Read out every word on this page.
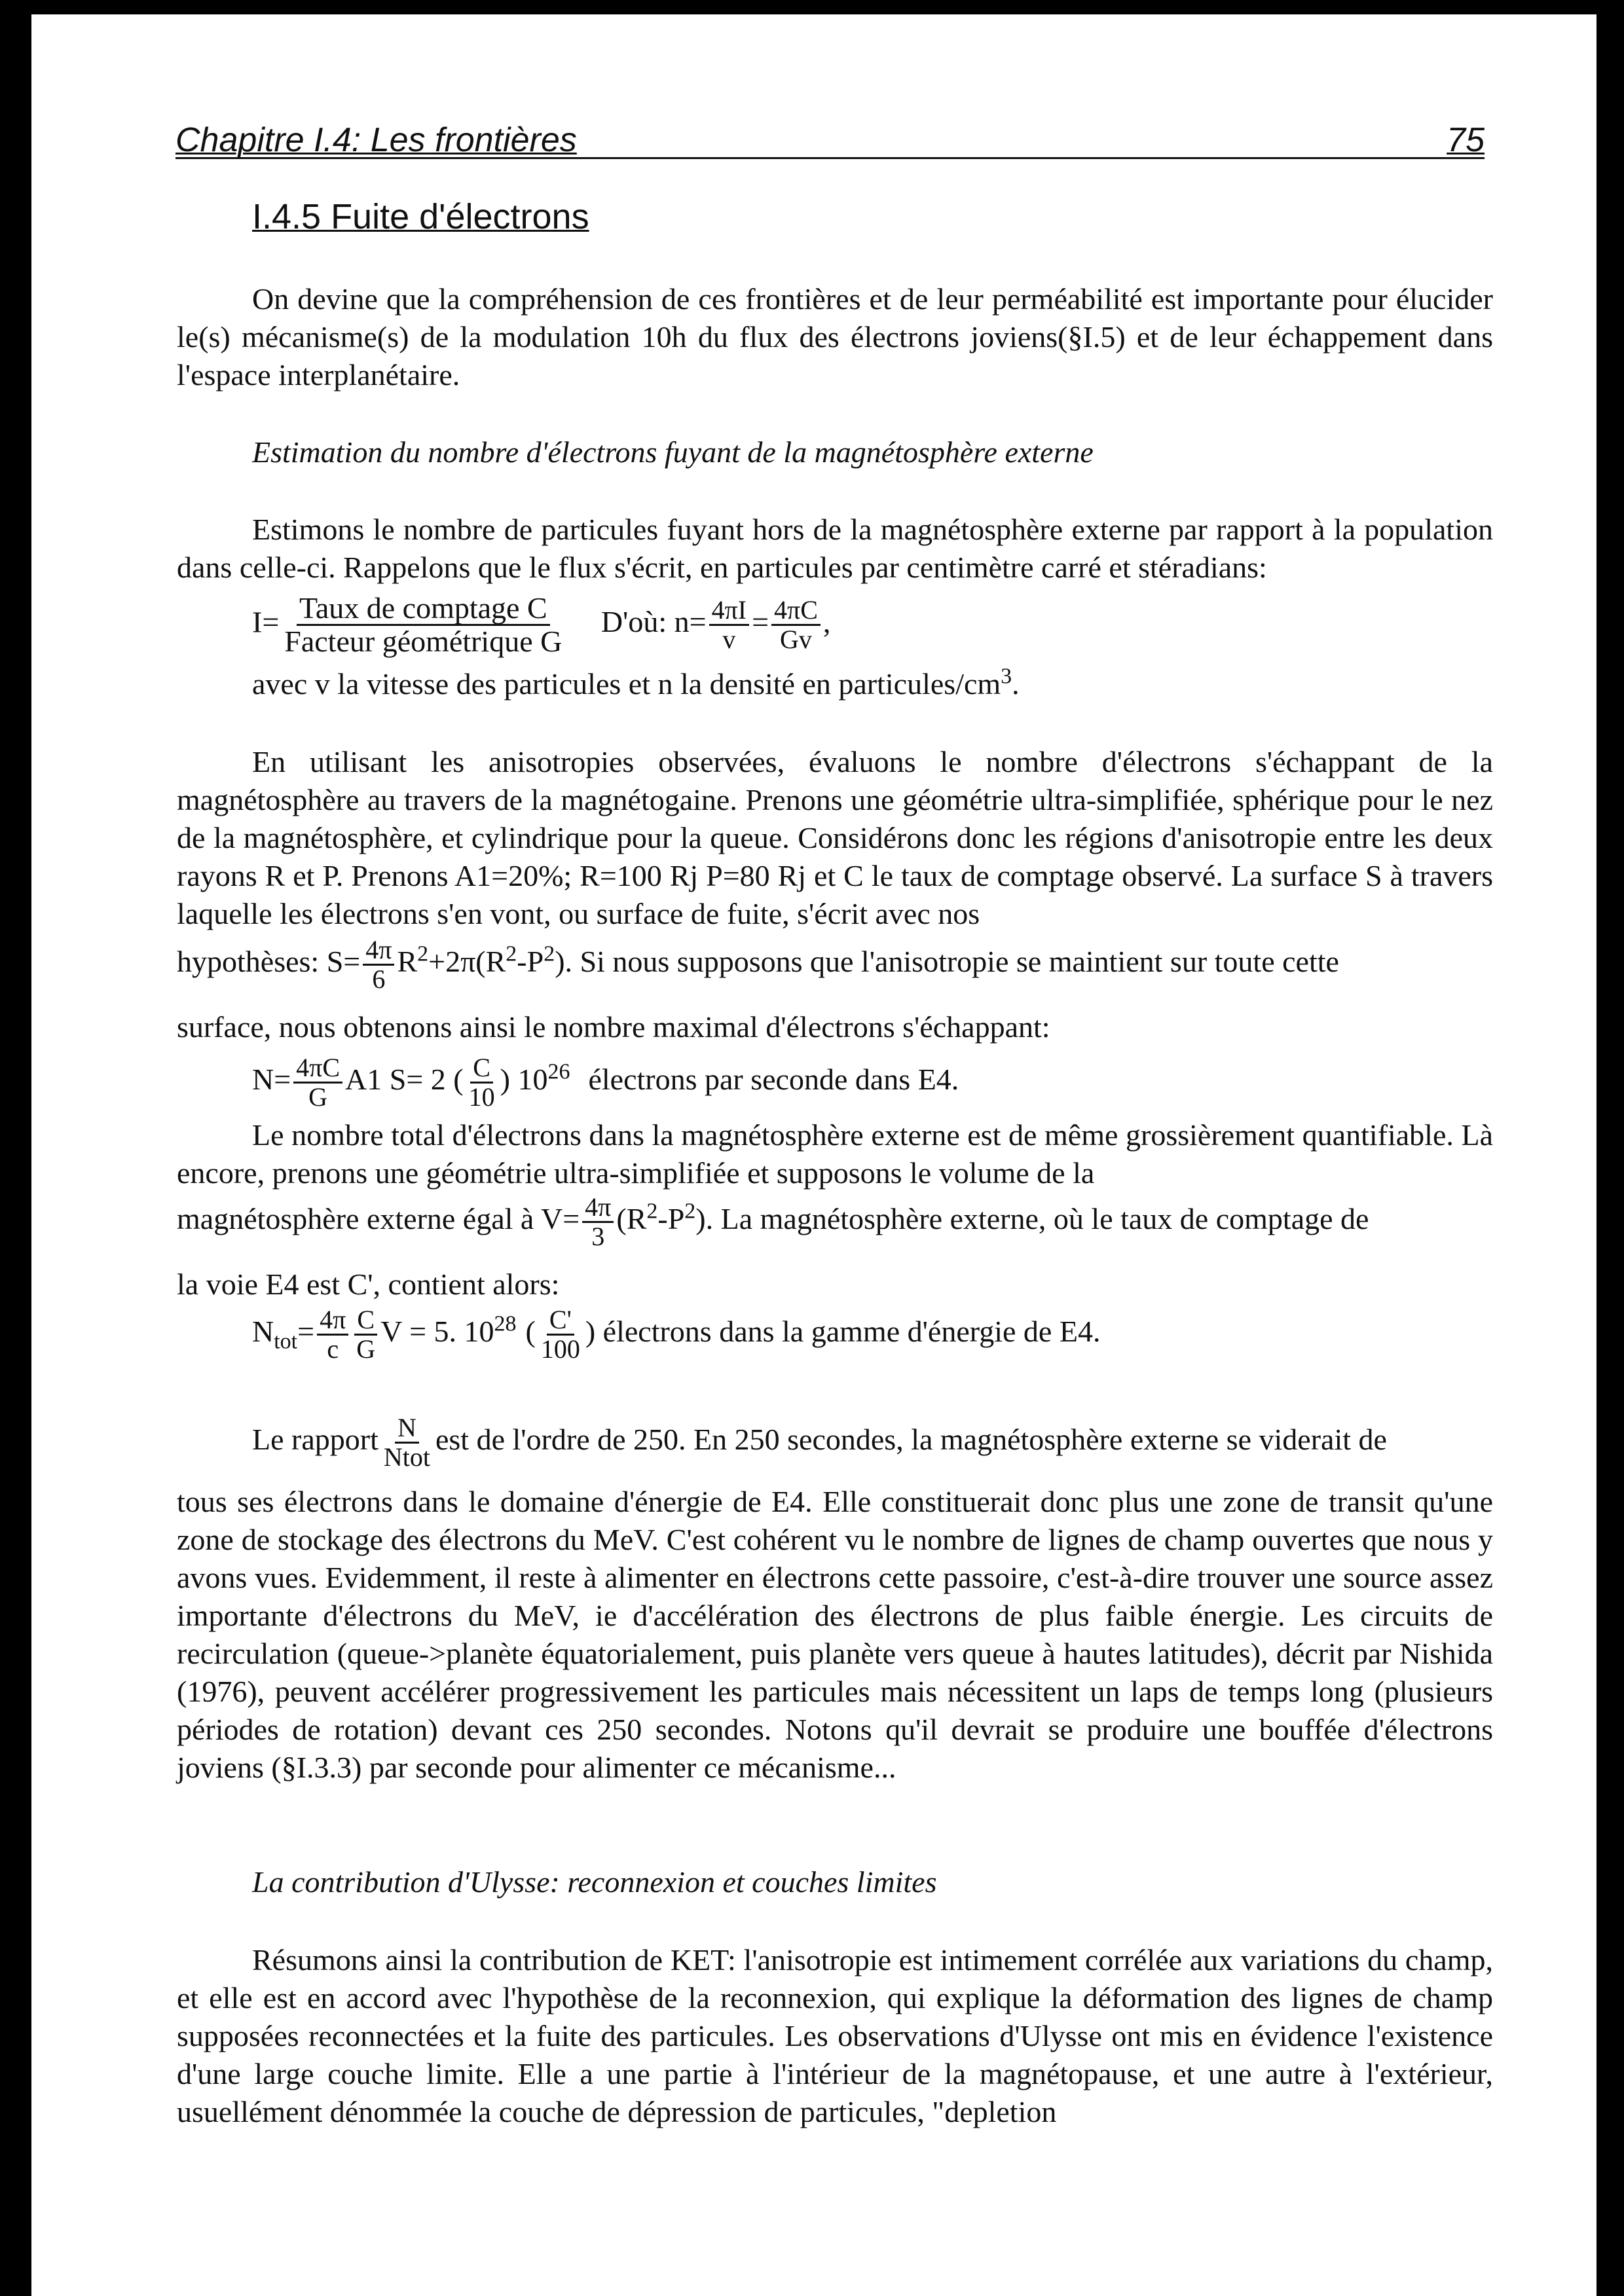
Chapitre I.4: Les frontières	75
I.4.5 Fuite d'électrons

On devine que la compréhension de ces frontières et de leur perméabilité est importante pour élucider le(s) mécanisme(s) de la modulation 10h du flux des électrons joviens(§I.5) et de leur échappement dans l'espace interplanétaire.

Estimation du nombre d'électrons fuyant de la magnétosphère externe

Estimons le nombre de particules fuyant hors de la magnétosphère externe par rapport à la population dans celle-ci. Rappelons que le flux s'écrit, en particules par centimètre carré et stéradians:

$I= \frac{\text{Taux de comptage C}}{\text{Facteur géométrique G}}$ D'où: $n= \frac{4\pi I}{v} = \frac{4\pi C}{Gv}$ ,
avec v la vitesse des particules et n la densité en particules/$cm^3$.

En utilisant les anisotropies observées, évaluons le nombre d'électrons s'échappant de la magnétosphère au travers de la magnétogaine. Prenons une géométrie ultra-simplifiée, sphérique pour le nez de la magnétosphère, et cylindrique pour la queue. Considérons donc les régions d'anisotropie entre les deux rayons R et P. Prenons A1=20%; R=100 Rj P=80 Rj et C le taux de comptage observé. La surface S à travers laquelle les électrons s'en vont, ou surface de fuite, s'écrit avec nos

hypothèses: $S= \frac{4\pi}{6} R^2+2\pi(R^2-P^2)$. Si nous supposons que l'anisotropie se maintient sur toute cette
surface, nous obtenons ainsi le nombre maximal d'électrons s'échappant:
$N= \frac{4\pi C}{G} A1$ S= 2 ( $\frac{C}{10}$ ) $10^{26}$ électrons par seconde dans E4.

Le nombre total d'électrons dans la magnétosphère externe est de même grossièrement quantifiable. Là encore, prenons une géométrie ultra-simplifiée et supposons le volume de la

magnétosphère externe égal à $V= \frac{4\pi}{3} (R^2-P^2)$. La magnétosphère externe, où le taux de comptage de
la voie E4 est C', contient alors:
$N_{tot}= \frac{4\pi}{c} \frac{C}{G}$ V = 5. $10^{28}$ ( $\frac{C'}{100}$ ) électrons dans la gamme d'énergie de E4.
Le rapport $\frac{N}{\text{Ntot}}$ est de l'ordre de 250. En 250 secondes, la magnétosphère externe se viderait de

tous ses électrons dans le domaine d'énergie de E4. Elle constituerait donc plus une zone de transit qu'une zone de stockage des électrons du MeV. C'est cohérent vu le nombre de lignes de champ ouvertes que nous y avons vues. Evidemment, il reste à alimenter en électrons cette passoire, c'est-à-dire trouver une source assez importante d'électrons du MeV, ie d'accélération des électrons de plus faible énergie. Les circuits de recirculation (queue->planète équatorialement, puis planète vers queue à hautes latitudes), décrit par Nishida (1976), peuvent accélérer progressivement les particules mais nécessitent un laps de temps long (plusieurs périodes de rotation) devant ces 250 secondes. Notons qu'il devrait se produire une bouffée d'électrons joviens (§I.3.3) par seconde pour alimenter ce mécanisme...

La contribution d'Ulysse: reconnexion et couches limites

Résumons ainsi la contribution de KET: l'anisotropie est intimement corrélée aux variations du champ, et elle est en accord avec l'hypothèse de la reconnexion, qui explique la déformation des lignes de champ supposées reconnectées et la fuite des particules. Les observations d'Ulysse ont mis en évidence l'existence d'une large couche limite. Elle a une partie à l'intérieur de la magnétopause, et une autre à l'extérieur, usuellément dénommée la couche de dépression de particules, "depletion
